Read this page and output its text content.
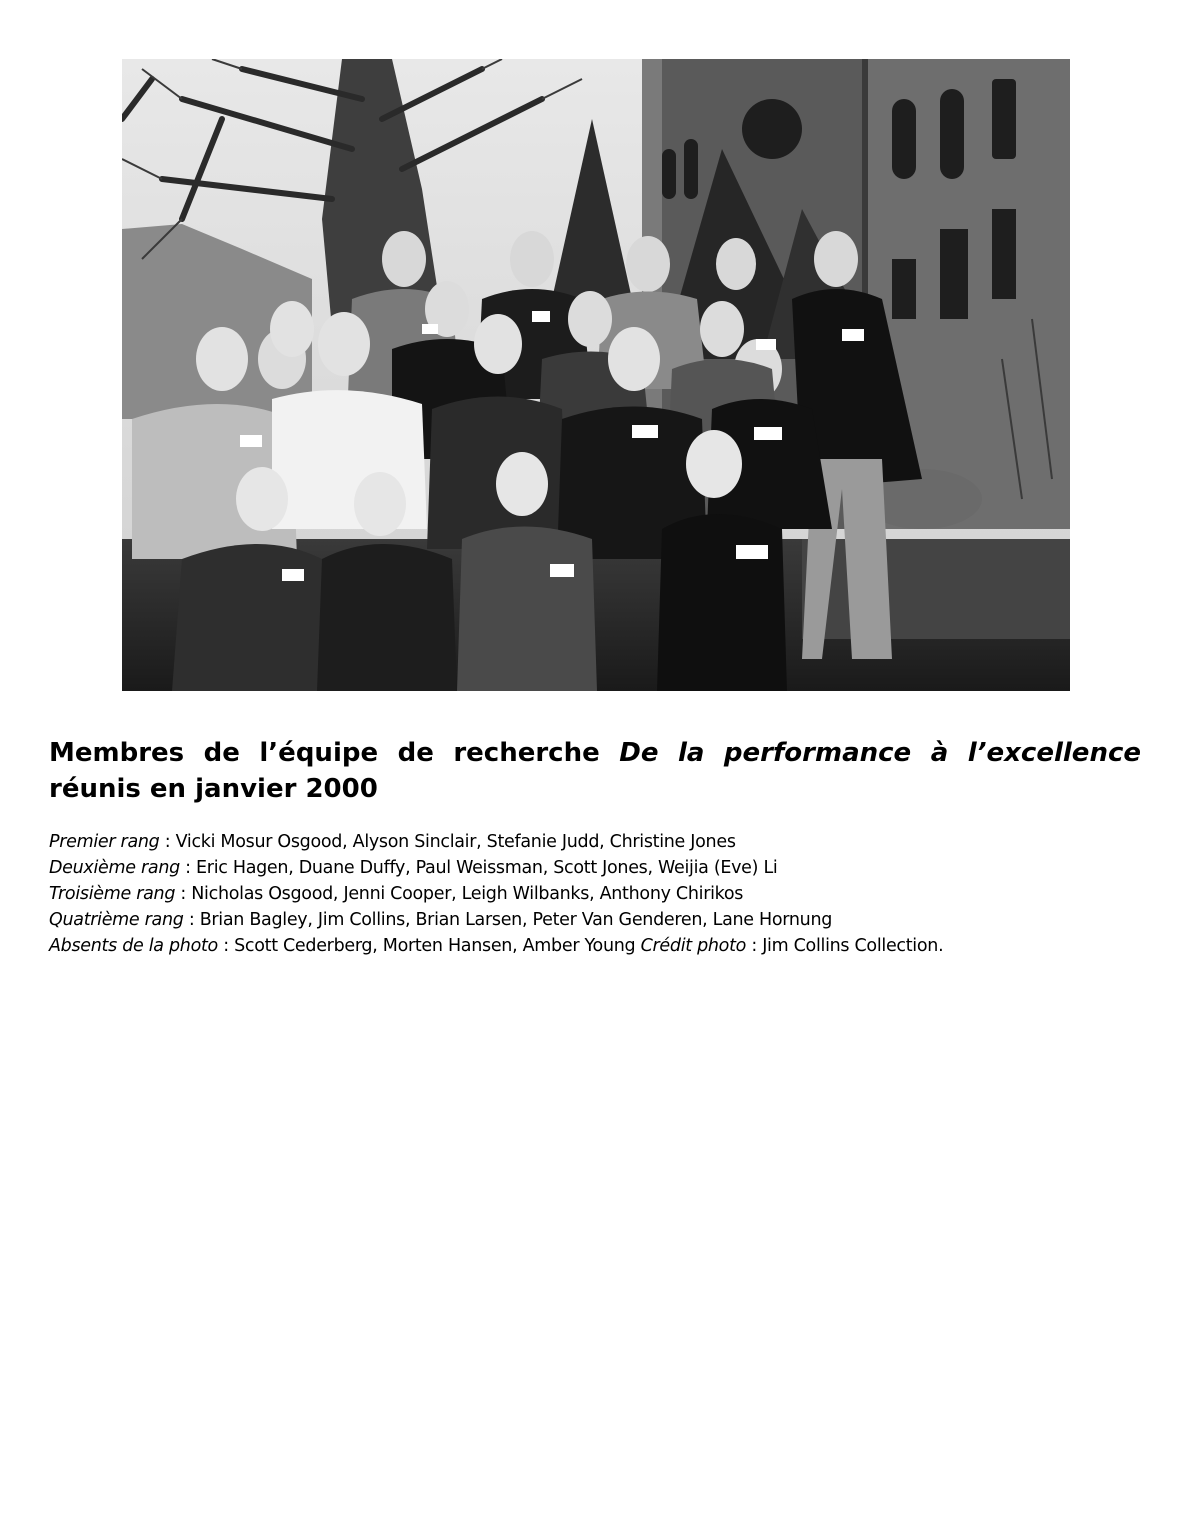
Membres de l’équipe de recherche De la performance à l’excellence réunis en janvier 2000

Premier rang : Vicki Mosur Osgood, Alyson Sinclair, Stefanie Judd, Christine Jones
Deuxième rang : Eric Hagen, Duane Duffy, Paul Weissman, Scott Jones, Weijia (Eve) Li
Troisième rang : Nicholas Osgood, Jenni Cooper, Leigh Wilbanks, Anthony Chirikos
Quatrième rang : Brian Bagley, Jim Collins, Brian Larsen, Peter Van Genderen, Lane Hornung
Absents de la photo : Scott Cederberg, Morten Hansen, Amber Young Crédit photo : Jim Collins Collection.
